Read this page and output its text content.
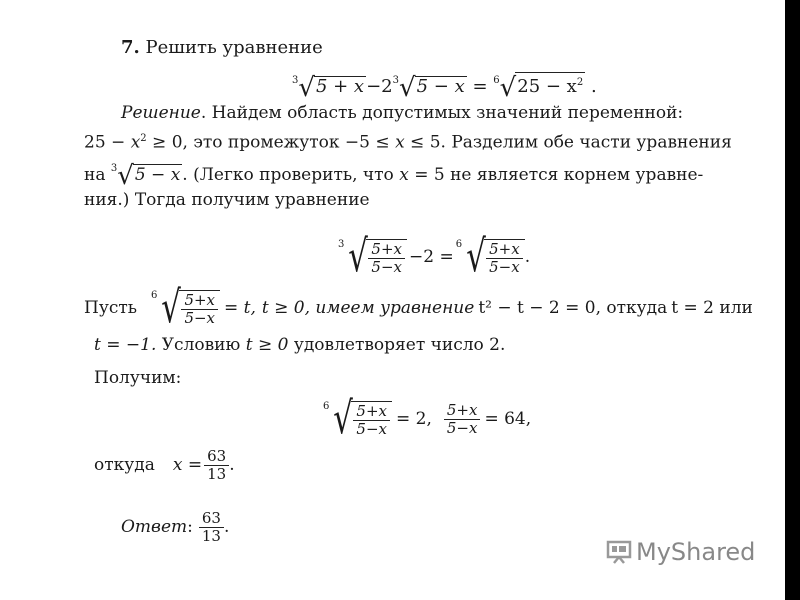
7. Решить уравнение
$^3√5 + x -2^3√5 - x = ^6√25 - x^2$ .
Решение. Найдем область допустимых значений переменной:
$25 - x^2 \ge 0$, это промежуток −5 ≤ x ≤ 5. Разделим обе части уравнения
на $^3$√5 − x . (Легко проверить, что x = 5 не является корнем уравне-
ния.) Тогда получим уравнение
3 √ $\frac{5+x}{5-x} -2$ =
6 √ $\frac{5+x}{5-x}$ .
Пусть
6 √ $\frac{5+x}{5-x} = t$, t ≥ 0, имеем уравнение t² − t − 2 = 0, откуда t = 2 или
t = −1. Условию t ≥ 0 удовлетворяет число 2.
Получим:
6 √ $\frac{5+x}{5-x} = 2$, $\frac{5+x}{5-x} = 64$,
откуда $x = \frac{63}{13}$ .
Ответ : $\frac{63}{13}$ .
MyShared
